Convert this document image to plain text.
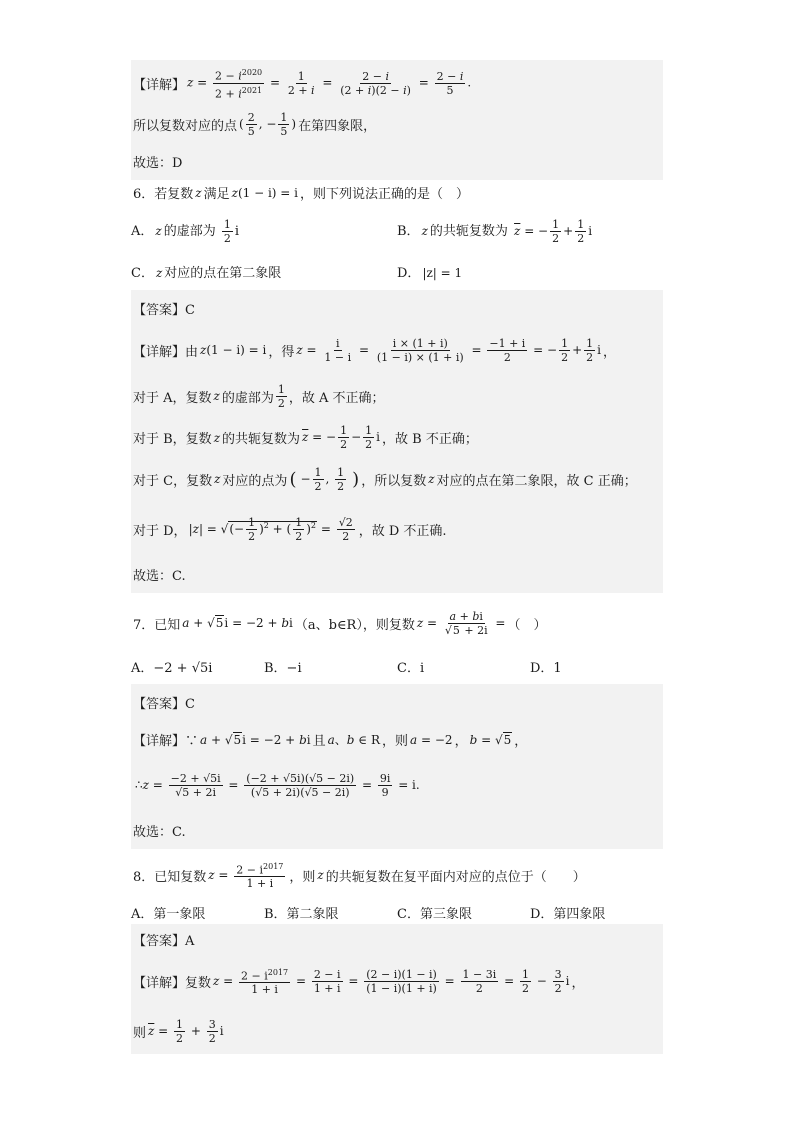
【详解】 $z = \frac{2 - i^{2020}}{2 + i^{2021}} = \frac{1}{2 + i} = \frac{2 - i}{(2 + i)(2 - i)} = \frac{2 - i}{5}$ .
所以复数对应的点 ( $\frac{2}{5}$ , − $\frac{1}{5}$ ) 在第四象限，
故选：D
6．若复数 z 满足 z(1 − i) = i ，则下列说法正确的是（　）
A． z 的虚部为 $\frac{1}{2}$ i	B． z 的共轭复数为 $\overline{z}$ = − $\frac{1}{2} + \frac{1}{2}$ i
C． z 对应的点在第二象限	D． |z| = 1
【答案】C
【详解】由 z(1 − i) = i ，得 $z = \frac{i}{1 - i} = \frac{i \times (1 + i)}{(1 - i) \times (1 + i)} = \frac{-1 + i}{2}$ = − $\frac{1}{2} + \frac{1}{2}$ i ，
对于 A，复数 z 的虚部为 $\frac{1}{2}$ ，故 A 不正确；
对于 B，复数 z 的共轭复数为 $\overline{z}$ = − $\frac{1}{2} - \frac{1}{2}$ i ，故 B 不正确；
对于 C，复数 z 对应的点为 ( − $\frac{1}{2}$ , $\frac{1}{2}$ ) ，所以复数 z 对应的点在第二象限，故 C 正确；
对于 D， |z| = √(− $\frac{1}{2} )^2$ + ( $\frac{1}{2} )^2 = \frac{√2}{2}$ ，故 D 不正确.
故选：C.
7．已知 a + √5i = −2 + bi （a、b∈R），则复数 $z = \frac{a + bi}{√5 + 2i}$ = （　）
A．−2 + √5i	B．−i	C．i	D．1
【答案】C
【详解】∵ a + √5i = −2 + bi 且 a、b ∈ R ，则 a = −2 ， b = √5 ，
∴z = $\frac{-2 + √5i}{√5 + 2i} = \frac{(-2 + √5i)(√5 - 2i)}{(√5 + 2i)(√5 - 2i)} = \frac{9i}{9} = i$.
故选：C.
8．已知复数 $z = \frac{2 - i^{2017}}{1 + i}$ ，则 z 的共轭复数在复平面内对应的点位于（　　）
A．第一象限	B．第二象限	C．第三象限	D．第四象限
【答案】A
【详解】复数 $z = \frac{2 - i^{2017}}{1 + i} = \frac{2 - i}{1 + i} = \frac{(2 - i)(1 - i)}{(1 - i)(1 + i)} = \frac{1 - 3i}{2} = \frac{1}{2} - \frac{3}{2}$ i ，
则 $\overline{z} = \frac{1}{2} + \frac{3}{2}$ i
